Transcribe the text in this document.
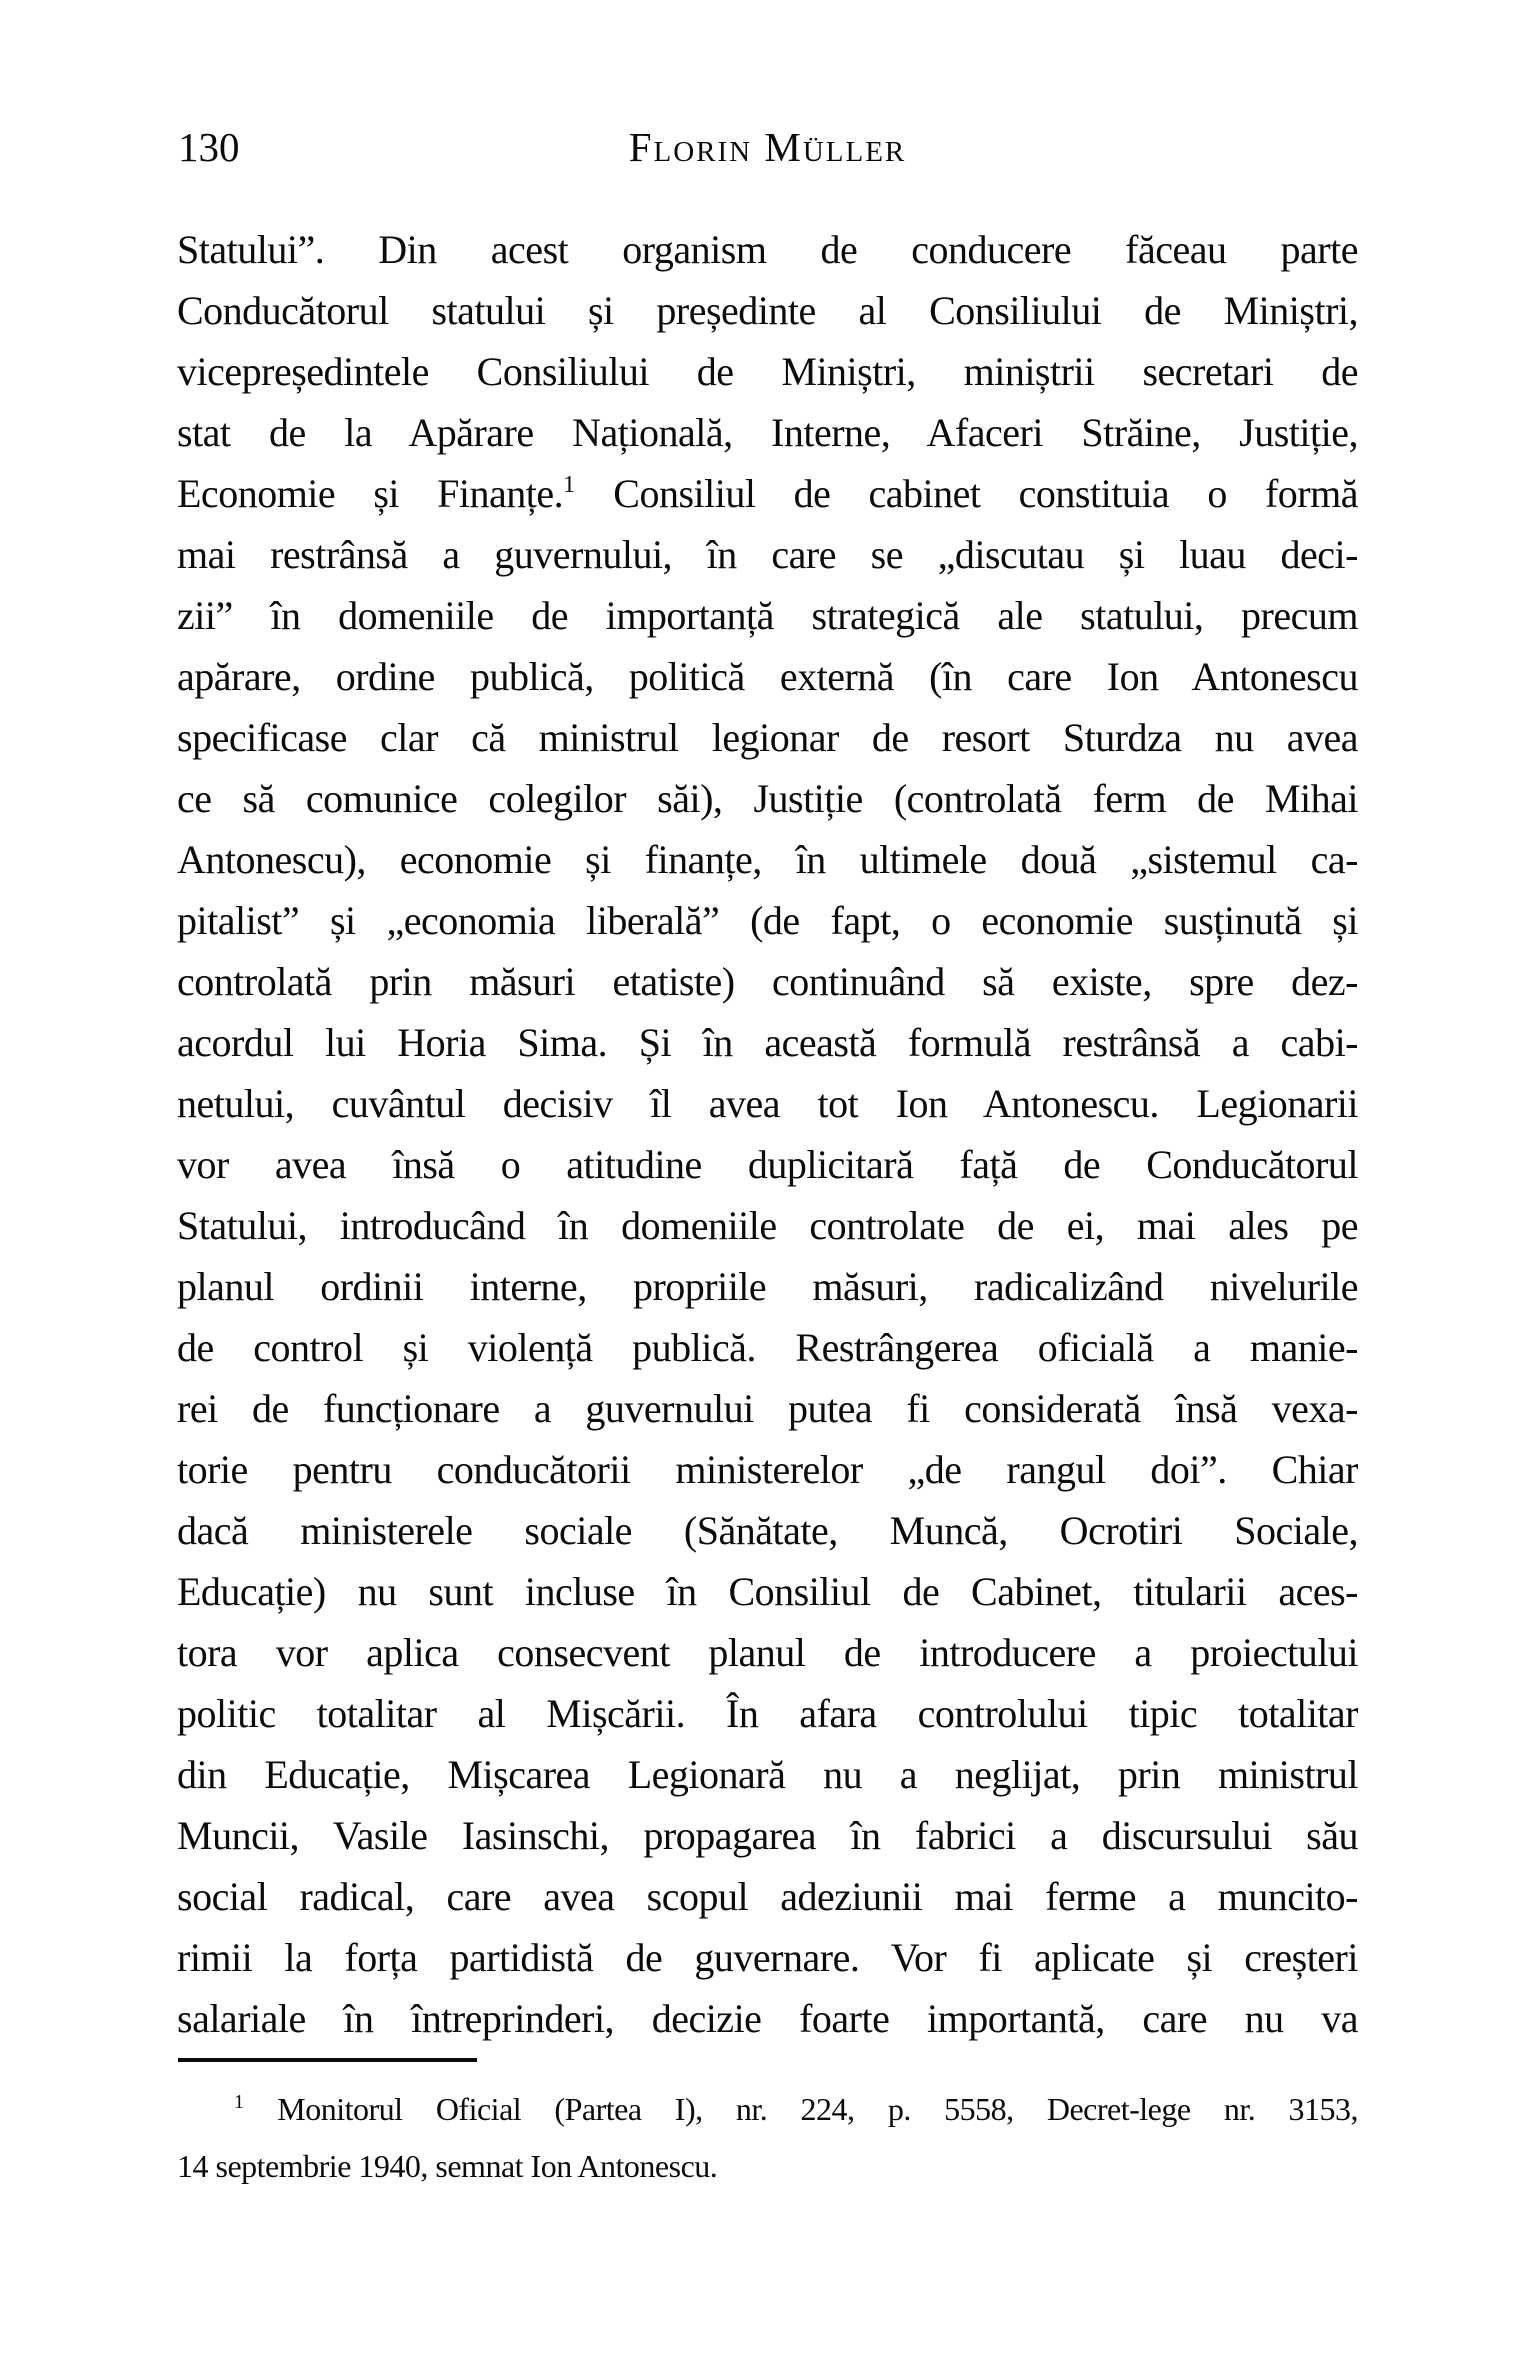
130	Florin Müller
Statului”. Din acest organism de conducere făceau parte
Conducătorul statului și președinte al Consiliului de Miniștri,
vicepreședintele Consiliului de Miniștri, miniștrii secretari de
stat de la Apărare Națională, Interne, Afaceri Străine, Justiție,
Economie și Finanțe.$^1$ Consiliul de cabinet constituia o formă
mai restrânsă a guvernului, în care se „discutau și luau deci-
zii” în domeniile de importanță strategică ale statului, precum
apărare, ordine publică, politică externă (în care Ion Antonescu
specificase clar că ministrul legionar de resort Sturdza nu avea
ce să comunice colegilor săi), Justiție (controlată ferm de Mihai
Antonescu), economie și finanțe, în ultimele două „sistemul ca-
pitalist” și „economia liberală” (de fapt, o economie susținută și
controlată prin măsuri etatiste) continuând să existe, spre dez-
acordul lui Horia Sima. Și în această formulă restrânsă a cabi-
netului, cuvântul decisiv îl avea tot Ion Antonescu. Legionarii
vor avea însă o atitudine duplicitară față de Conducătorul
Statului, introducând în domeniile controlate de ei, mai ales pe
planul ordinii interne, propriile măsuri, radicalizând nivelurile
de control și violență publică. Restrângerea oficială a manie-
rei de funcționare a guvernului putea fi considerată însă vexa-
torie pentru conducătorii ministerelor „de rangul doi”. Chiar
dacă ministerele sociale (Sănătate, Muncă, Ocrotiri Sociale,
Educație) nu sunt incluse în Consiliul de Cabinet, titularii aces-
tora vor aplica consecvent planul de introducere a proiectului
politic totalitar al Mișcării. În afara controlului tipic totalitar
din Educație, Mișcarea Legionară nu a neglijat, prin ministrul
Muncii, Vasile Iasinschi, propagarea în fabrici a discursului său
social radical, care avea scopul adeziunii mai ferme a muncito-
rimii la forța partidistă de guvernare. Vor fi aplicate și creșteri
salariale în întreprinderi, decizie foarte importantă, care nu va
$^1$ Monitorul Oficial (Partea I), nr. 224, p. 5558, Decret-lege nr. 3153,
14 septembrie 1940, semnat Ion Antonescu.
